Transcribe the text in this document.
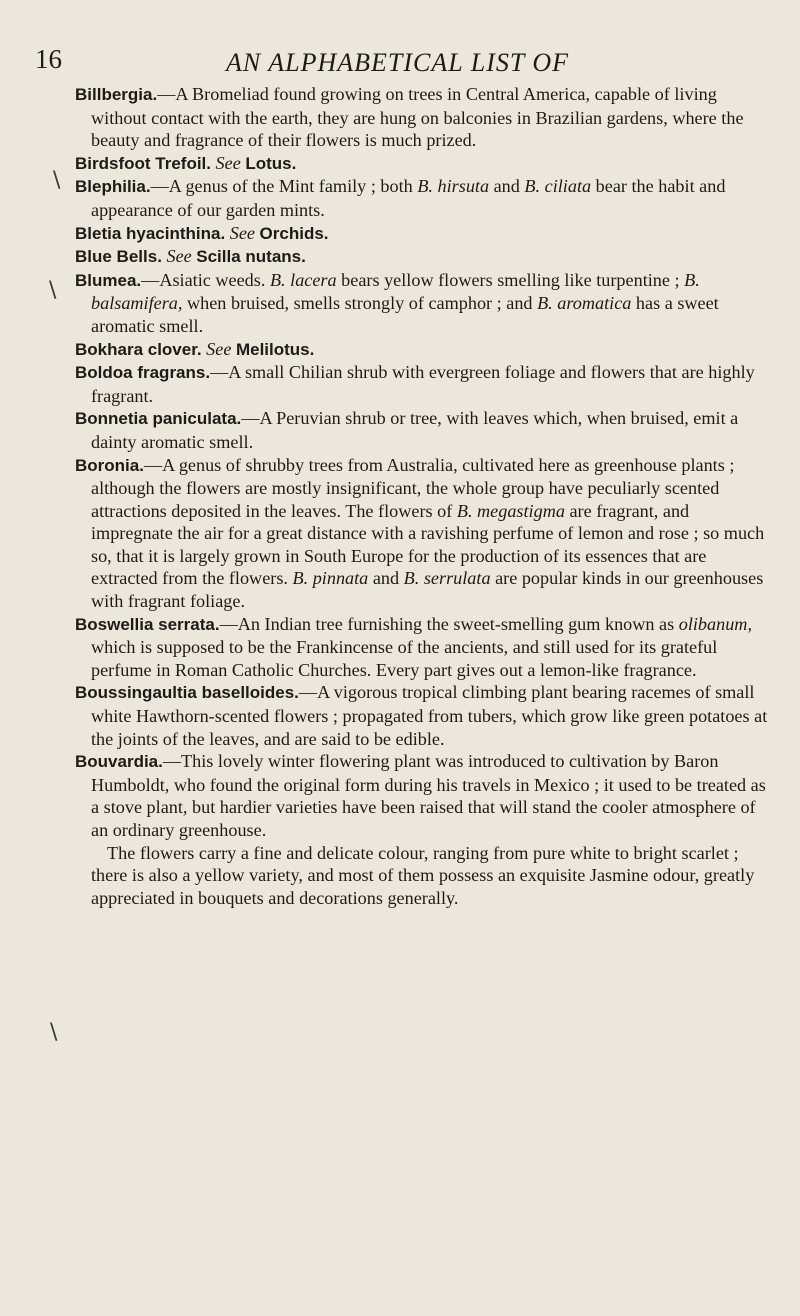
16	AN ALPHABETICAL LIST OF
\
\
\

Billbergia.—A Bromeliad found growing on trees in Central America, capable of living without contact with the earth, they are hung on balconies in Brazilian gardens, where the beauty and fragrance of their flowers is much prized.

Birdsfoot Trefoil. See Lotus.

Blephilia.—A genus of the Mint family ; both B. hirsuta and B. ciliata bear the habit and appearance of our garden mints.

Bletia hyacinthina. See Orchids.

Blue Bells. See Scilla nutans.

Blumea.—Asiatic weeds. B. lacera bears yellow flowers smelling like turpentine ; B. balsamifera, when bruised, smells strongly of camphor ; and B. aromatica has a sweet aromatic smell.

Bokhara clover. See Melilotus.

Boldoa fragrans.—A small Chilian shrub with evergreen foliage and flowers that are highly fragrant.

Bonnetia paniculata.—A Peruvian shrub or tree, with leaves which, when bruised, emit a dainty aromatic smell.

Boronia.—A genus of shrubby trees from Australia, cultivated here as greenhouse plants ; although the flowers are mostly insignificant, the whole group have peculiarly scented attractions deposited in the leaves. The flowers of B. megastigma are fragrant, and impregnate the air for a great distance with a ravishing perfume of lemon and rose ; so much so, that it is largely grown in South Europe for the production of its essences that are extracted from the flowers. B. pinnata and B. serrulata are popular kinds in our greenhouses with fragrant foliage.

Boswellia serrata.—An Indian tree furnishing the sweet-smelling gum known as olibanum, which is supposed to be the Frankincense of the ancients, and still used for its grateful perfume in Roman Catholic Churches. Every part gives out a lemon-like fragrance.

Boussingaultia baselloides.—A vigorous tropical climbing plant bearing racemes of small white Hawthorn-scented flowers ; propagated from tubers, which grow like green potatoes at the joints of the leaves, and are said to be edible.

Bouvardia.—This lovely winter flowering plant was introduced to cultivation by Baron Humboldt, who found the original form during his travels in Mexico ; it used to be treated as a stove plant, but hardier varieties have been raised that will stand the cooler atmosphere of an ordinary greenhouse.

The flowers carry a fine and delicate colour, ranging from pure white to bright scarlet ; there is also a yellow variety, and most of them possess an exquisite Jasmine odour, greatly appreciated in bouquets and decorations generally.
